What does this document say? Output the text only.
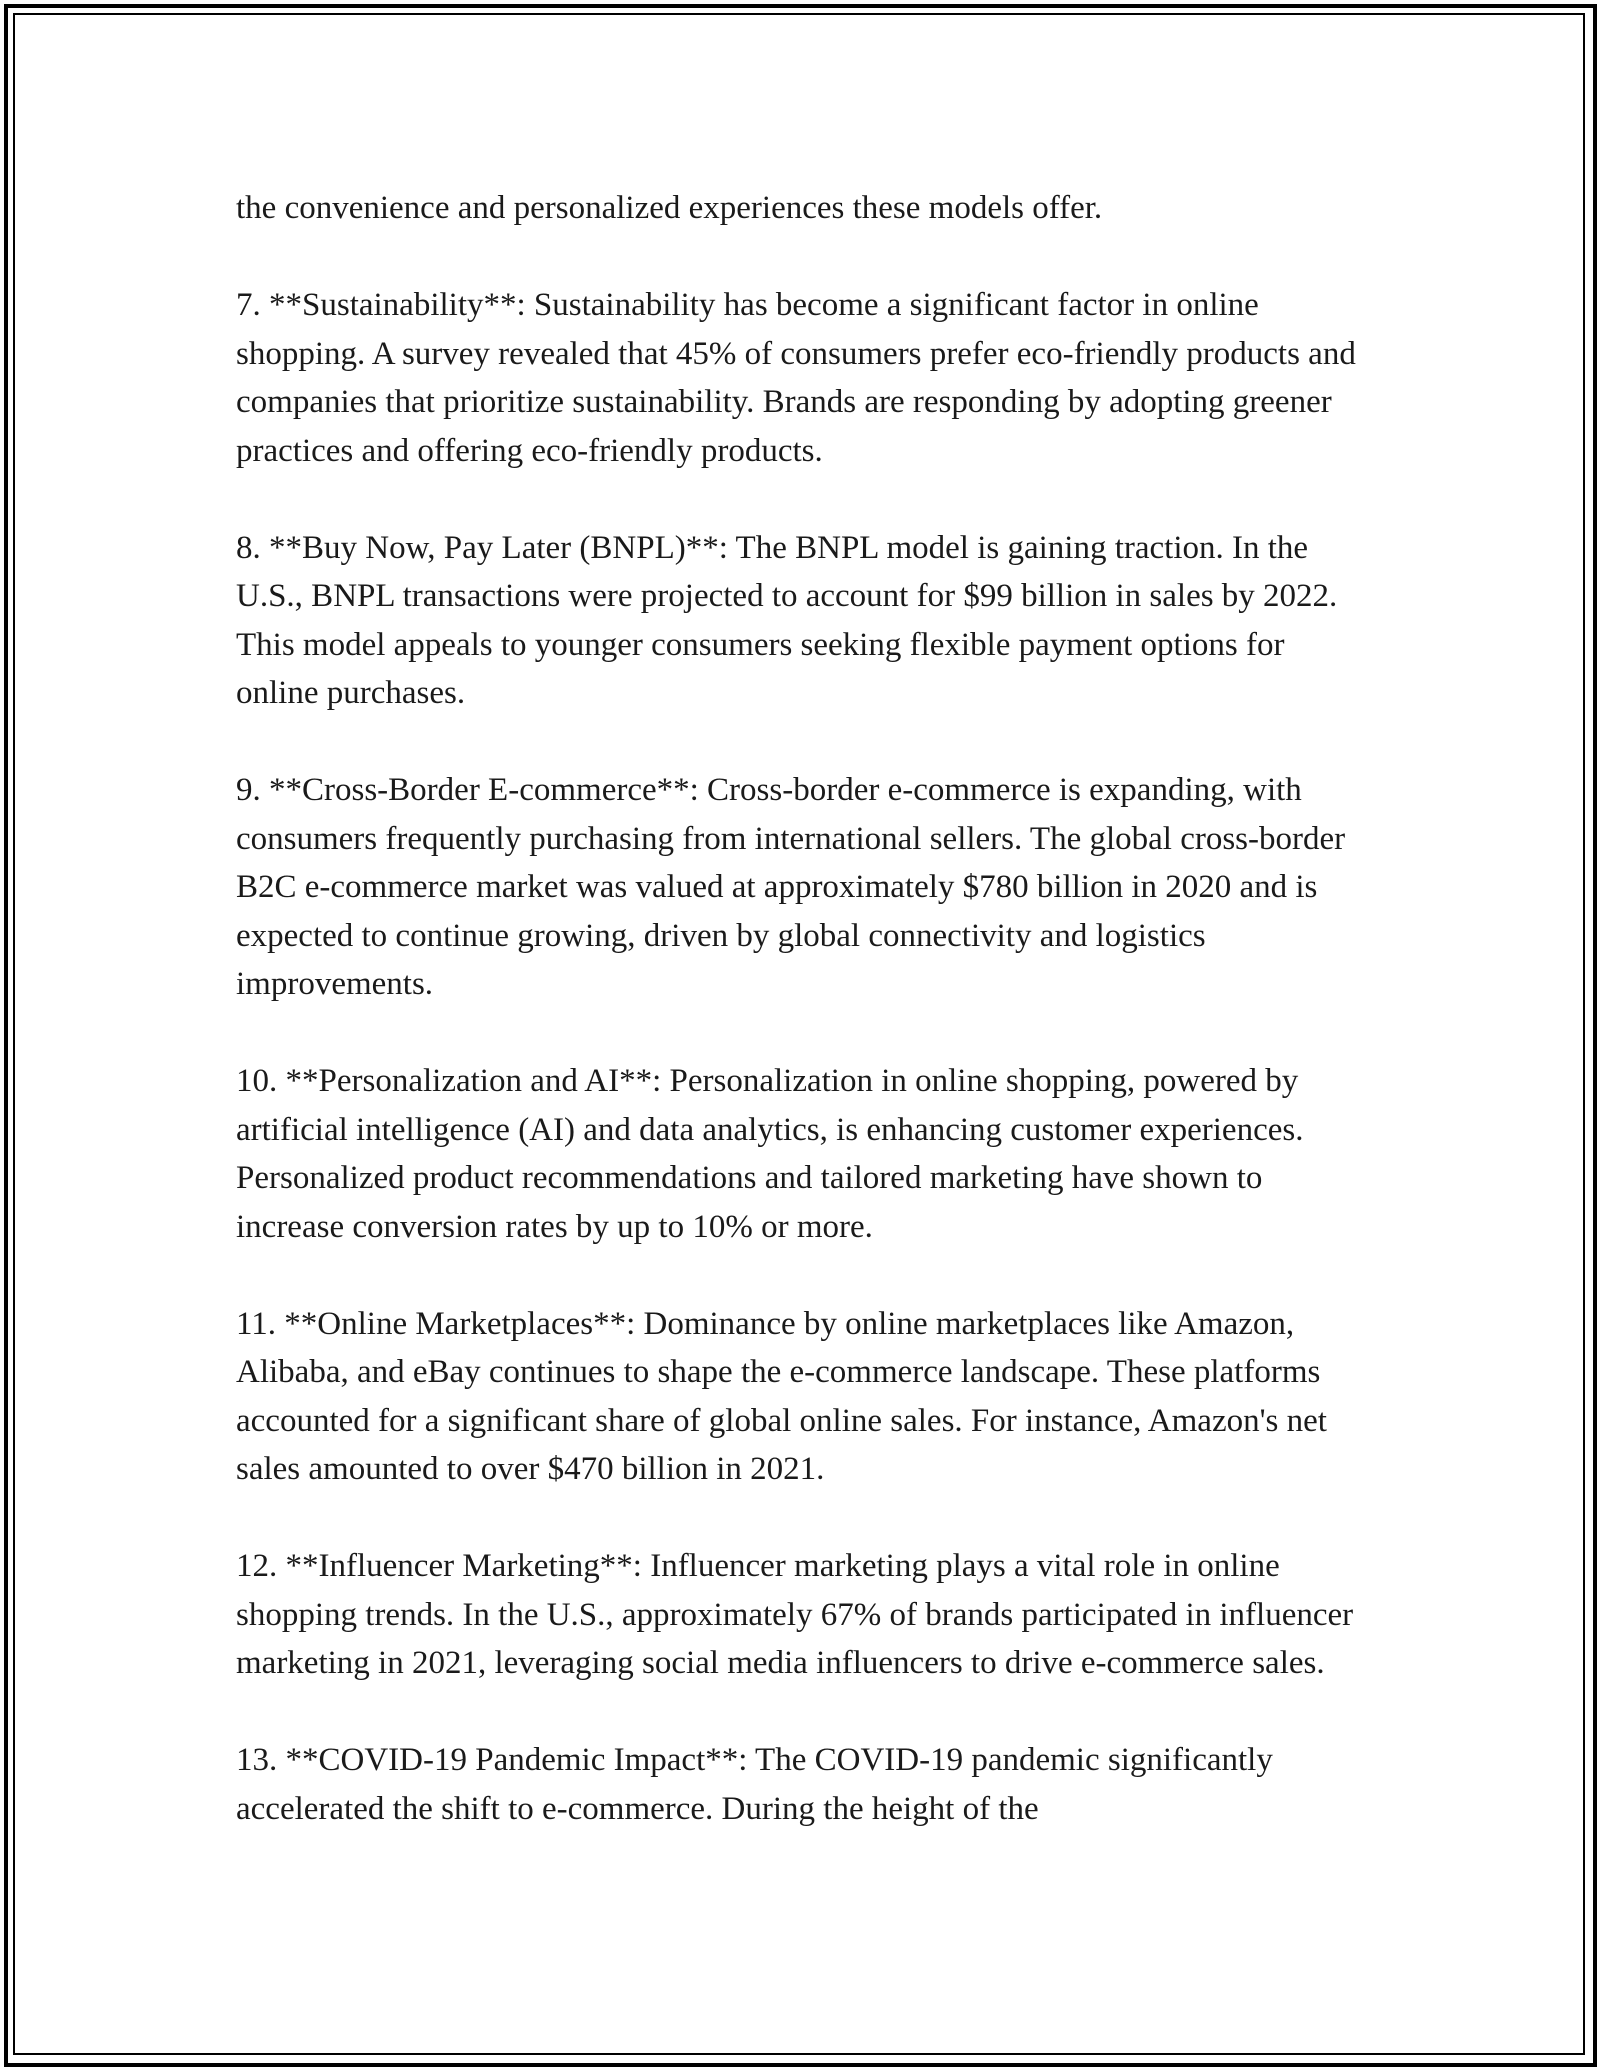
the convenience and personalized experiences these models offer.

7. **Sustainability**: Sustainability has become a significant factor in online shopping. A survey revealed that 45% of consumers prefer eco-friendly products and companies that prioritize sustainability. Brands are responding by adopting greener practices and offering eco-friendly products.

8. **Buy Now, Pay Later (BNPL)**: The BNPL model is gaining traction. In the U.S., BNPL transactions were projected to account for $99 billion in sales by 2022. This model appeals to younger consumers seeking flexible payment options for online purchases.

9. **Cross-Border E-commerce**: Cross-border e-commerce is expanding, with consumers frequently purchasing from international sellers. The global cross-border B2C e-commerce market was valued at approximately $780 billion in 2020 and is expected to continue growing, driven by global connectivity and logistics improvements.

10. **Personalization and AI**: Personalization in online shopping, powered by artificial intelligence (AI) and data analytics, is enhancing customer experiences. Personalized product recommendations and tailored marketing have shown to increase conversion rates by up to 10% or more.

11. **Online Marketplaces**: Dominance by online marketplaces like Amazon, Alibaba, and eBay continues to shape the e-commerce landscape. These platforms accounted for a significant share of global online sales. For instance, Amazon's net sales amounted to over $470 billion in 2021.

12. **Influencer Marketing**: Influencer marketing plays a vital role in online shopping trends. In the U.S., approximately 67% of brands participated in influencer marketing in 2021, leveraging social media influencers to drive e-commerce sales.

13. **COVID-19 Pandemic Impact**: The COVID-19 pandemic significantly accelerated the shift to e-commerce. During the height of the
